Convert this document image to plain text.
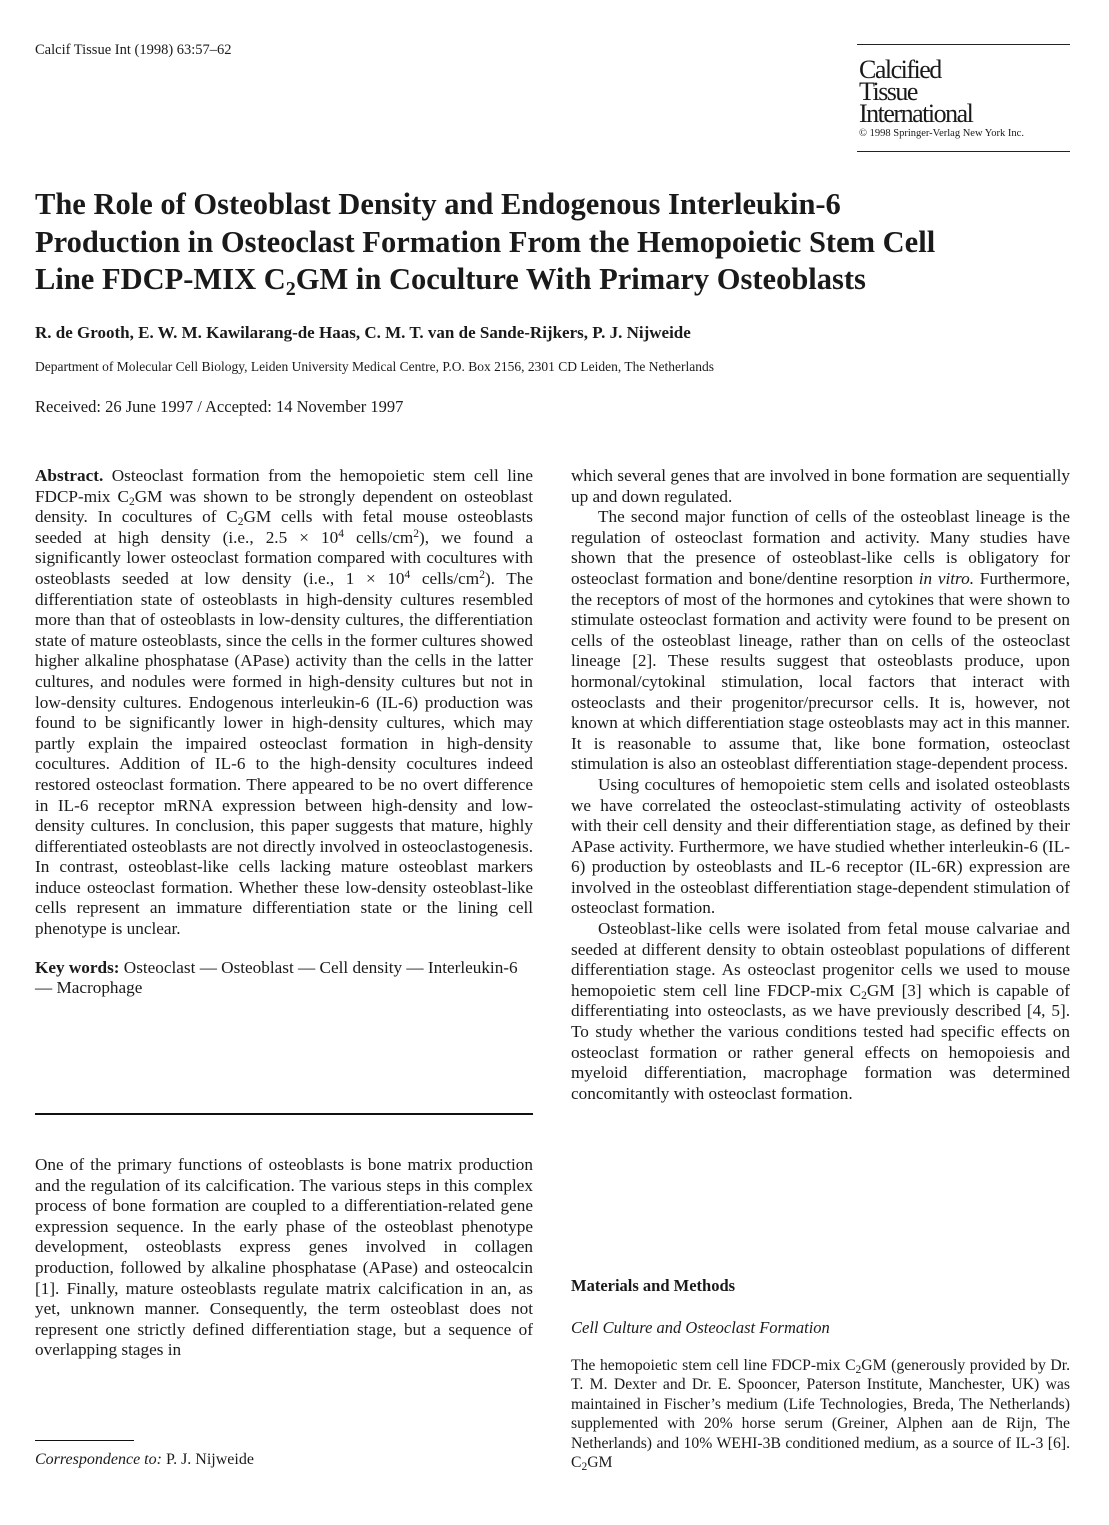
Calcif Tissue Int (1998) 63:57–62
Calcified
Tissue
International
© 1998 Springer-Verlag New York Inc.
The Role of Osteoblast Density and Endogenous Interleukin-6
Production in Osteoclast Formation From the Hemopoietic Stem Cell
Line FDCP-MIX $C_2GM$ in Coculture With Primary Osteoblasts
R. de Grooth, E. W. M. Kawilarang-de Haas, C. M. T. van de Sande-Rijkers, P. J. Nijweide
Department of Molecular Cell Biology, Leiden University Medical Centre, P.O. Box 2156, 2301 CD Leiden, The Netherlands
Received: 26 June 1997 / Accepted: 14 November 1997

Abstract. Osteoclast formation from the hemopoietic stem cell line FDCP-mix $C_2GM$ was shown to be strongly dependent on osteoblast density. In cocultures of $C_2GM$ cells with fetal mouse osteoblasts seeded at high density (i.e., $2.5 \times 10^4$ cells/$cm^2$), we found a significantly lower osteoclast formation compared with cocultures with osteoblasts seeded at low density (i.e., $1 \times 10^4$ cells/$cm^2$). The differentiation state of osteoblasts in high-density cultures resembled more than that of osteoblasts in low-density cultures, the differentiation state of mature osteoblasts, since the cells in the former cultures showed higher alkaline phosphatase (APase) activity than the cells in the latter cultures, and nodules were formed in high-density cultures but not in low-density cultures. Endogenous interleukin-6 (IL-6) production was found to be significantly lower in high-density cultures, which may partly explain the impaired osteoclast formation in high-density cocultures. Addition of IL-6 to the high-density cocultures indeed restored osteoclast formation. There appeared to be no overt difference in IL-6 receptor mRNA expression between high-density and low-density cultures. In conclusion, this paper suggests that mature, highly differentiated osteoblasts are not directly involved in osteoclastogenesis. In contrast, osteoblast-like cells lacking mature osteoblast markers induce osteoclast formation. Whether these low-density osteoblast-like cells represent an immature differentiation state or the lining cell phenotype is unclear.

Key words: Osteoclast — Osteoblast — Cell density — Interleukin-6 — Macrophage

One of the primary functions of osteoblasts is bone matrix production and the regulation of its calcification. The various steps in this complex process of bone formation are coupled to a differentiation-related gene expression sequence. In the early phase of the osteoblast phenotype development, osteoblasts express genes involved in collagen production, followed by alkaline phosphatase (APase) and osteocalcin [1]. Finally, mature osteoblasts regulate matrix calcification in an, as yet, unknown manner. Consequently, the term osteoblast does not represent one strictly defined differentiation stage, but a sequence of overlapping stages in

which several genes that are involved in bone formation are sequentially up and down regulated.

The second major function of cells of the osteoblast lineage is the regulation of osteoclast formation and activity. Many studies have shown that the presence of osteoblast-like cells is obligatory for osteoclast formation and bone/dentine resorption in vitro. Furthermore, the receptors of most of the hormones and cytokines that were shown to stimulate osteoclast formation and activity were found to be present on cells of the osteoblast lineage, rather than on cells of the osteoclast lineage [2]. These results suggest that osteoblasts produce, upon hormonal/cytokinal stimulation, local factors that interact with osteoclasts and their progenitor/precursor cells. It is, however, not known at which differentiation stage osteoblasts may act in this manner. It is reasonable to assume that, like bone formation, osteoclast stimulation is also an osteoblast differentiation stage-dependent process.

Using cocultures of hemopoietic stem cells and isolated osteoblasts we have correlated the osteoclast-stimulating activity of osteoblasts with their cell density and their differentiation stage, as defined by their APase activity. Furthermore, we have studied whether interleukin-6 (IL-6) production by osteoblasts and IL-6 receptor (IL-6R) expression are involved in the osteoblast differentiation stage-dependent stimulation of osteoclast formation.

Osteoblast-like cells were isolated from fetal mouse calvariae and seeded at different density to obtain osteoblast populations of different differentiation stage. As osteoclast progenitor cells we used to mouse hemopoietic stem cell line FDCP-mix $C_2GM$ [3] which is capable of differentiating into osteoclasts, as we have previously described [4, 5]. To study whether the various conditions tested had specific effects on osteoclast formation or rather general effects on hemopoiesis and myeloid differentiation, macrophage formation was determined concomitantly with osteoclast formation.

Materials and Methods
Cell Culture and Osteoclast Formation

The hemopoietic stem cell line FDCP-mix $C_2GM$ (generously provided by Dr. T. M. Dexter and Dr. E. Spooncer, Paterson Institute, Manchester, UK) was maintained in Fischer’s medium (Life Technologies, Breda, The Netherlands) supplemented with 20% horse serum (Greiner, Alphen aan de Rijn, The Netherlands) and 10% WEHI-3B conditioned medium, as a source of IL-3 [6]. $C_2GM$

Correspondence to: P. J. Nijweide
